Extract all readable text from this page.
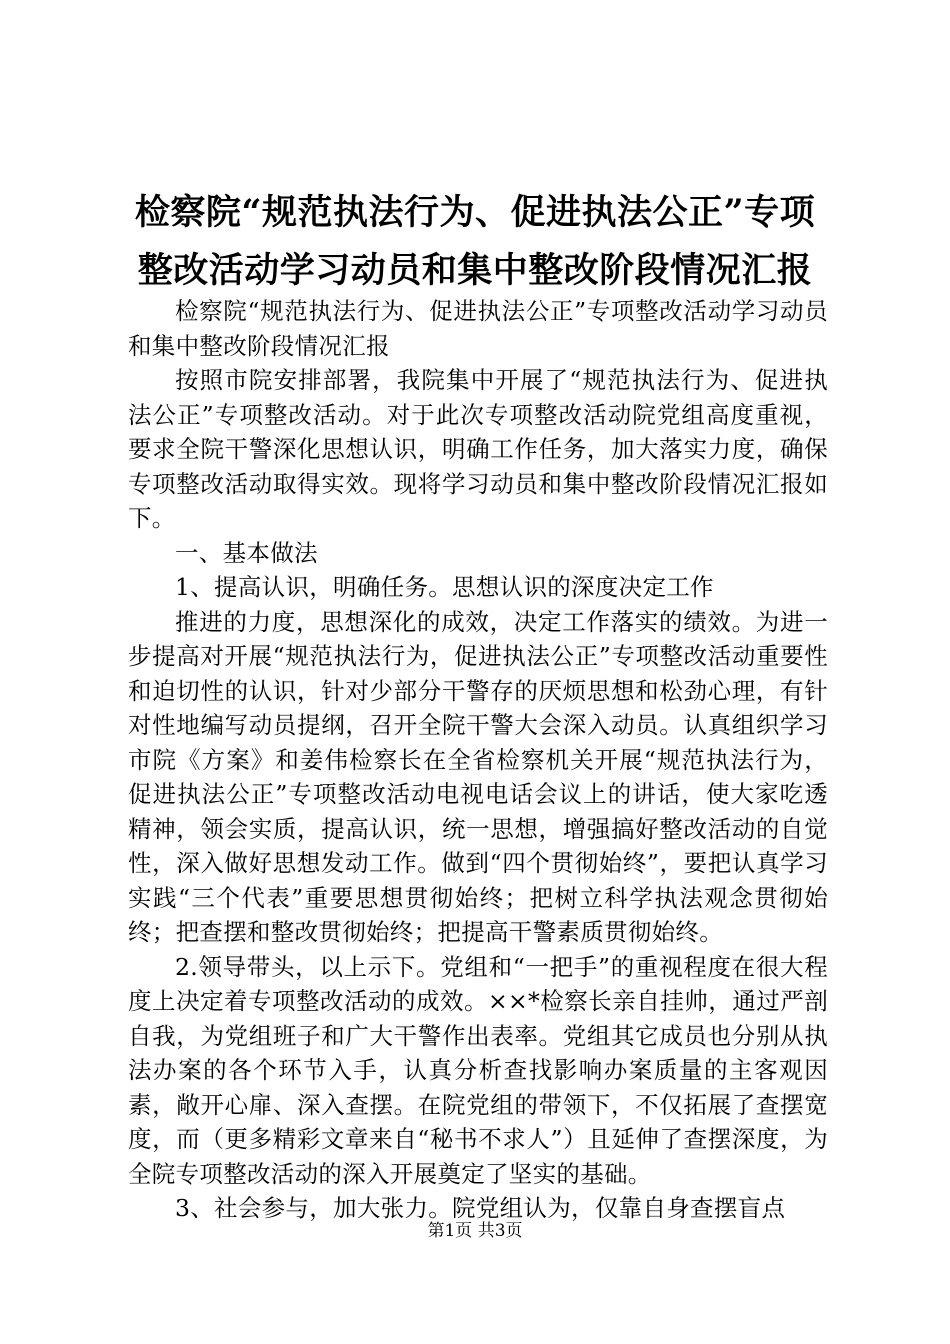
检察院“规范执法行为、促进执法公正”专项
整改活动学习动员和集中整改阶段情况汇报

检察院“规范执法行为、促进执法公正”专项整改活动学习动员和集中整改阶段情况汇报

按照市院安排部署，我院集中开展了“规范执法行为、促进执法公正”专项整改活动。对于此次专项整改活动院党组高度重视，要求全院干警深化思想认识，明确工作任务，加大落实力度，确保专项整改活动取得实效。现将学习动员和集中整改阶段情况汇报如下。

一、基本做法

1、提高认识，明确任务。思想认识的深度决定工作

推进的力度，思想深化的成效，决定工作落实的绩效。为进一步提高对开展“规范执法行为，促进执法公正”专项整改活动重要性和迫切性的认识，针对少部分干警存的厌烦思想和松劲心理，有针对性地编写动员提纲，召开全院干警大会深入动员。认真组织学习市院《方案》和姜伟检察长在全省检察机关开展“规范执法行为，促进执法公正”专项整改活动电视电话会议上的讲话，使大家吃透精神，领会实质，提高认识，统一思想，增强搞好整改活动的自觉性，深入做好思想发动工作。做到“四个贯彻始终”，要把认真学习实践“三个代表”重要思想贯彻始终；把树立科学执法观念贯彻始终；把查摆和整改贯彻始终；把提高干警素质贯彻始终。

2.领导带头，以上示下。党组和“一把手”的重视程度在很大程度上决定着专项整改活动的成效。××*检察长亲自挂帅，通过严剖自我，为党组班子和广大干警作出表率。党组其它成员也分别从执法办案的各个环节入手，认真分析查找影响办案质量的主客观因素，敞开心扉、深入查摆。在院党组的带领下，不仅拓展了查摆宽度，而（更多精彩文章来自“秘书不求人”）且延伸了查摆深度，为全院专项整改活动的深入开展奠定了坚实的基础。

3、社会参与，加大张力。院党组认为，仅靠自身查摆盲点

第1页 共3页
